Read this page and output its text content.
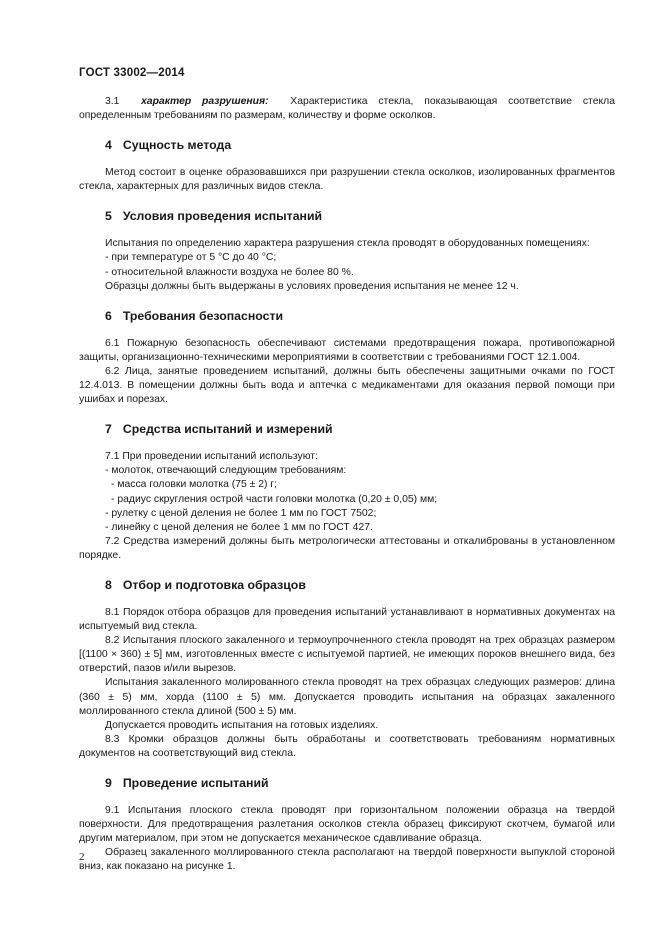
ГОСТ 33002—2014

3.1 характер разрушения: Характеристика стекла, показывающая соответствие стекла определенным требованиям по размерам, количеству и форме осколков.

4 Сущность метода

Метод состоит в оценке образовавшихся при разрушении стекла осколков, изолированных фрагментов стекла, характерных для различных видов стекла.

5 Условия проведения испытаний

Испытания по определению характера разрушения стекла проводят в оборудованных помещениях:

- при температуре от 5 °С до 40 °С;

- относительной влажности воздуха не более 80 %.

Образцы должны быть выдержаны в условиях проведения испытания не менее 12 ч.

6 Требования безопасности

6.1 Пожарную безопасность обеспечивают системами предотвращения пожара, противопожарной защиты, организационно-техническими мероприятиями в соответствии с требованиями ГОСТ 12.1.004.

6.2 Лица, занятые проведением испытаний, должны быть обеспечены защитными очками по ГОСТ 12.4.013. В помещении должны быть вода и аптечка с медикаментами для оказания первой помощи при ушибах и порезах.

7 Средства испытаний и измерений

7.1 При проведении испытаний используют:

- молоток, отвечающий следующим требованиям:

- масса головки молотка (75 ± 2) г;

- радиус скругления острой части головки молотка (0,20 ± 0,05) мм;

- рулетку с ценой деления не более 1 мм по ГОСТ 7502;

- линейку с ценой деления не более 1 мм по ГОСТ 427.

7.2 Средства измерений должны быть метрологически аттестованы и откалиброваны в установленном порядке.

8 Отбор и подготовка образцов

8.1 Порядок отбора образцов для проведения испытаний устанавливают в нормативных документах на испытуемый вид стекла.

8.2 Испытания плоского закаленного и термоупрочненного стекла проводят на трех образцах размером [(1100 × 360) ± 5] мм, изготовленных вместе с испытуемой партией, не имеющих пороков внешнего вида, без отверстий, пазов и/или вырезов.

Испытания закаленного молированного стекла проводят на трех образцах следующих размеров: длина (360 ± 5) мм, хорда (1100 ± 5) мм. Допускается проводить испытания на образцах закаленного моллированного стекла длиной (500 ± 5) мм.

Допускается проводить испытания на готовых изделиях.

8.3 Кромки образцов должны быть обработаны и соответствовать требованиям нормативных документов на соответствующий вид стекла.

9 Проведение испытаний

9.1 Испытания плоского стекла проводят при горизонтальном положении образца на твердой поверхности. Для предотвращения разлетания осколков стекла образец фиксируют скотчем, бумагой или другим материалом, при этом не допускается механическое сдавливание образца.

Образец закаленного моллированного стекла располагают на твердой поверхности выпуклой стороной вниз, как показано на рисунке 1.

2
